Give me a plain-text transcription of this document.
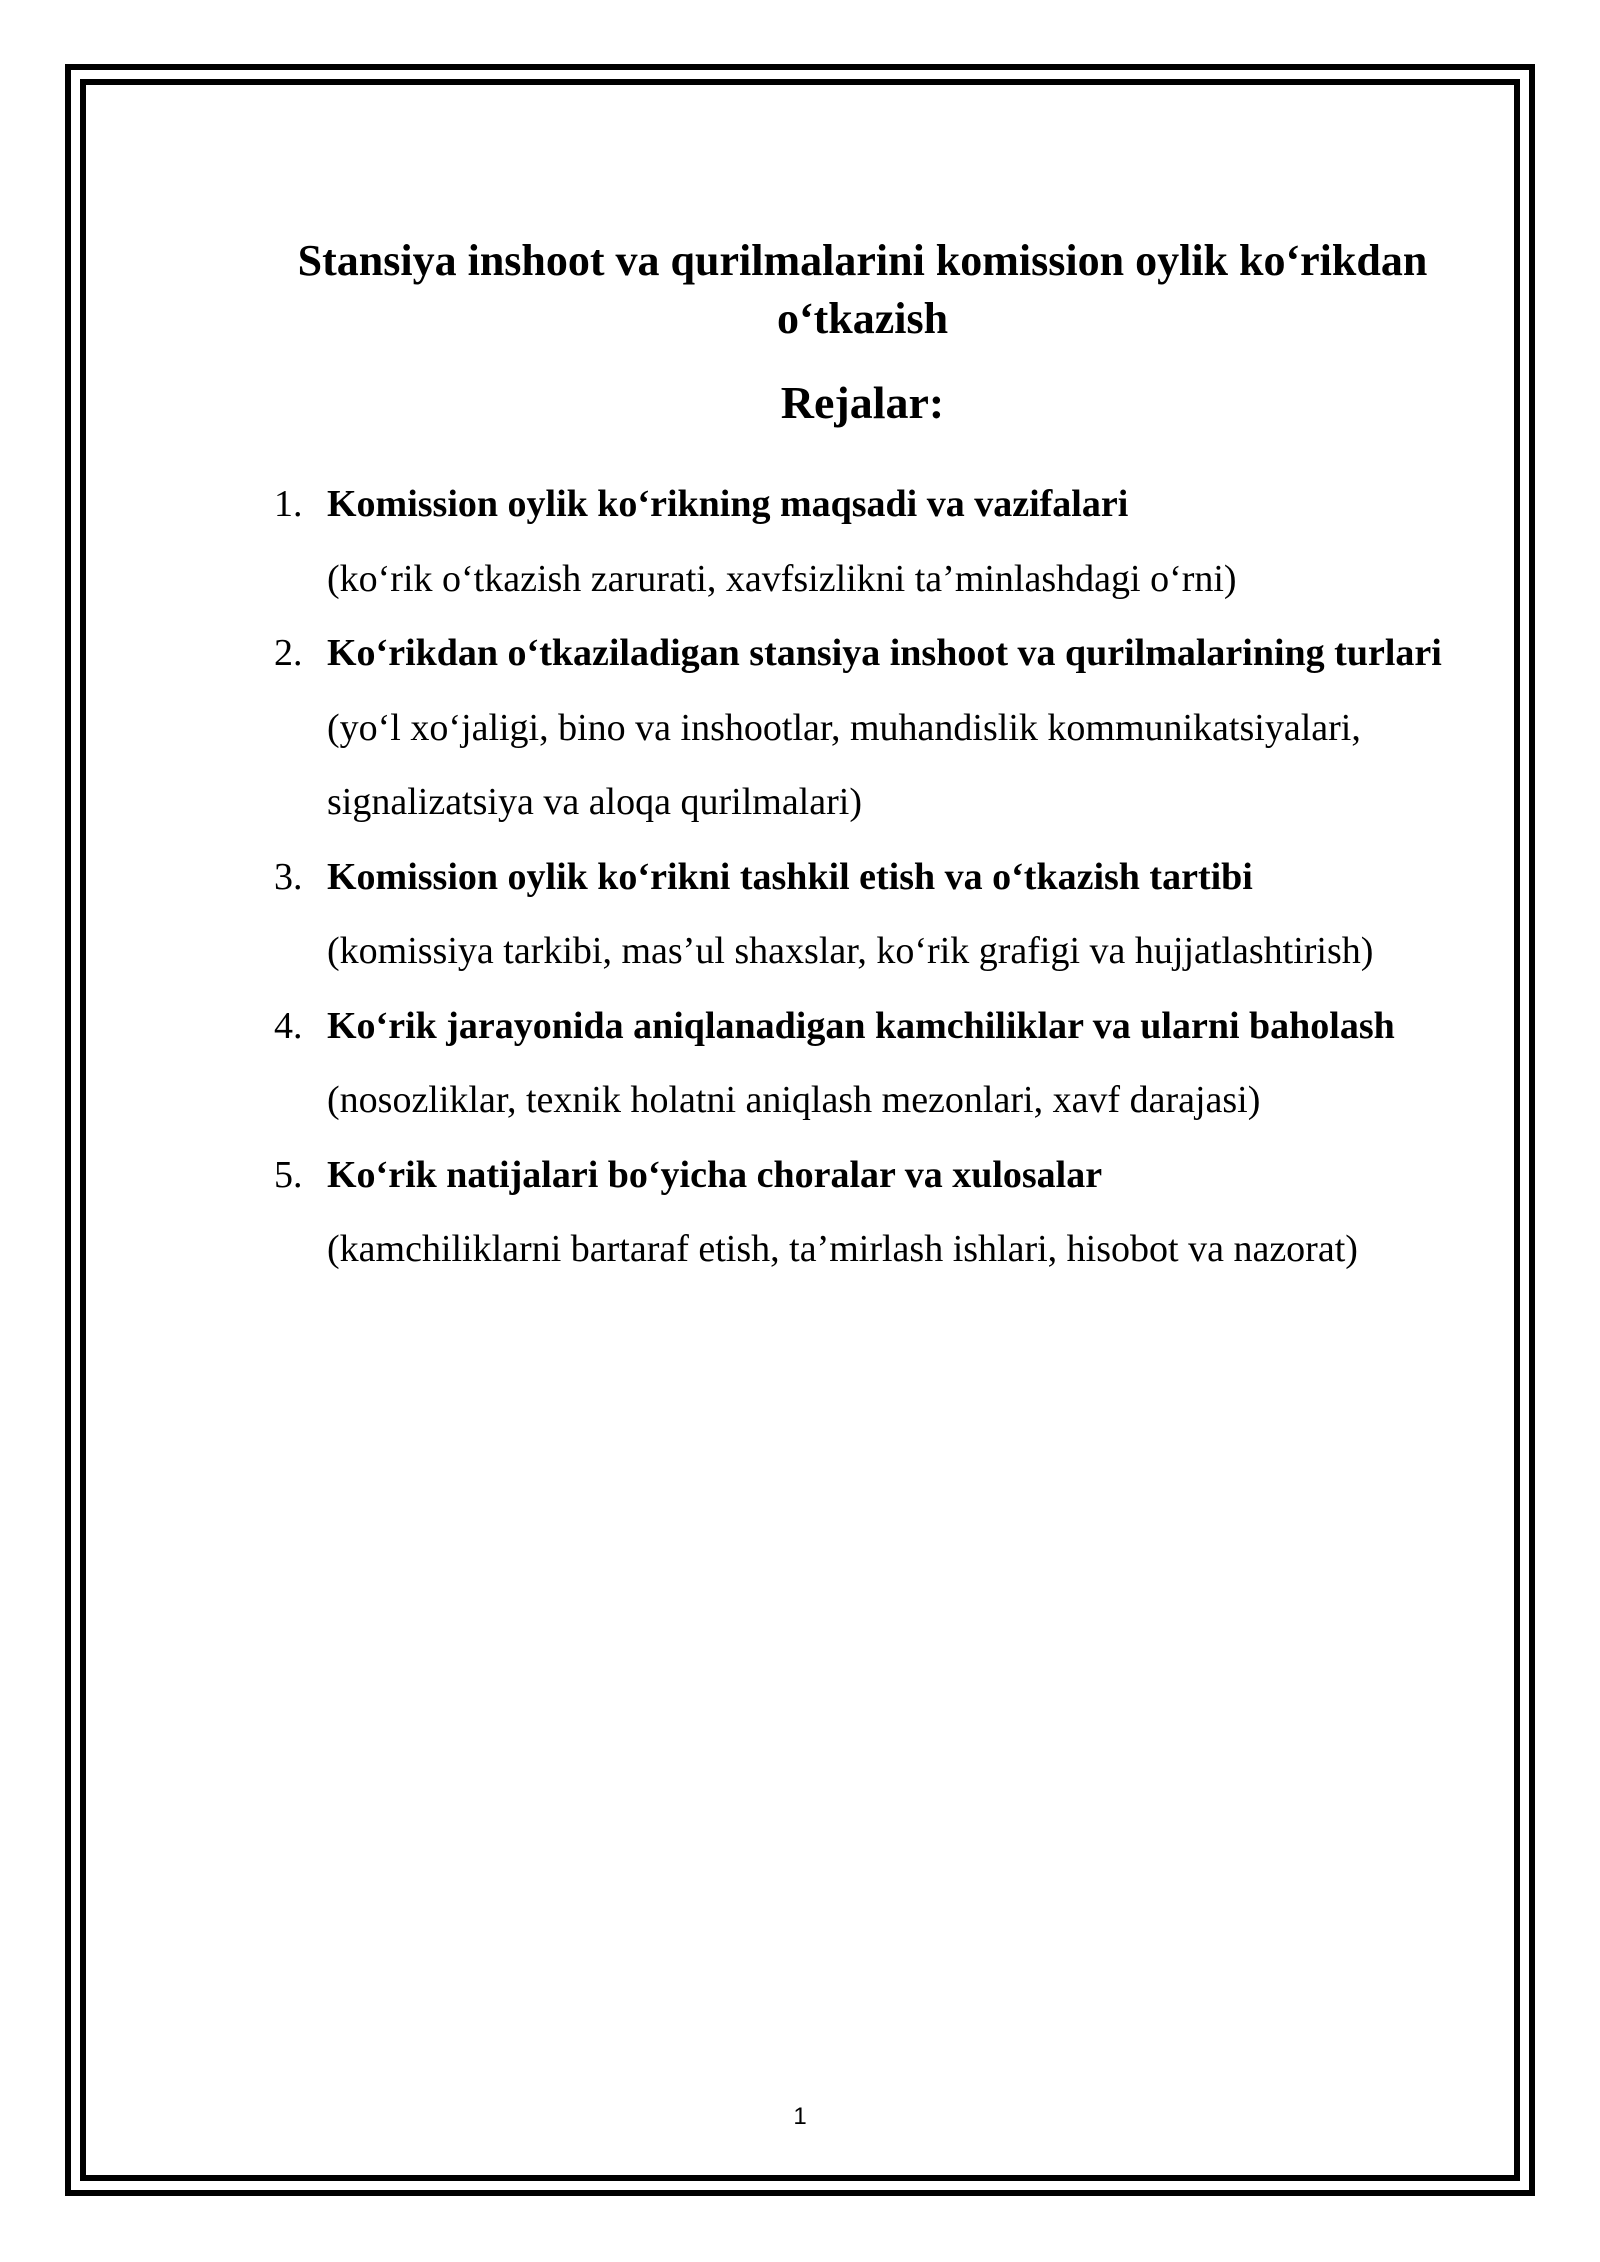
Stansiya inshoot va qurilmalarini komission oylik ko‘rikdan o‘tkazish
Rejalar:
1. Komission oylik ko‘rikning maqsadi va vazifalari
(ko‘rik o‘tkazish zarurati, xavfsizlikni ta’minlashdagi o‘rni)
2. Ko‘rikdan o‘tkaziladigan stansiya inshoot va qurilmalarining turlari
(yo‘l xo‘jaligi, bino va inshootlar, muhandislik kommunikatsiyalari, signalizatsiya va aloqa qurilmalari)
3. Komission oylik ko‘rikni tashkil etish va o‘tkazish tartibi
(komissiya tarkibi, mas’ul shaxslar, ko‘rik grafigi va hujjatlashtirish)
4. Ko‘rik jarayonida aniqlanadigan kamchiliklar va ularni baholash
(nosozliklar, texnik holatni aniqlash mezonlari, xavf darajasi)
5. Ko‘rik natijalari bo‘yicha choralar va xulosalar
(kamchiliklarni bartaraf etish, ta’mirlash ishlari, hisobot va nazorat)
1
